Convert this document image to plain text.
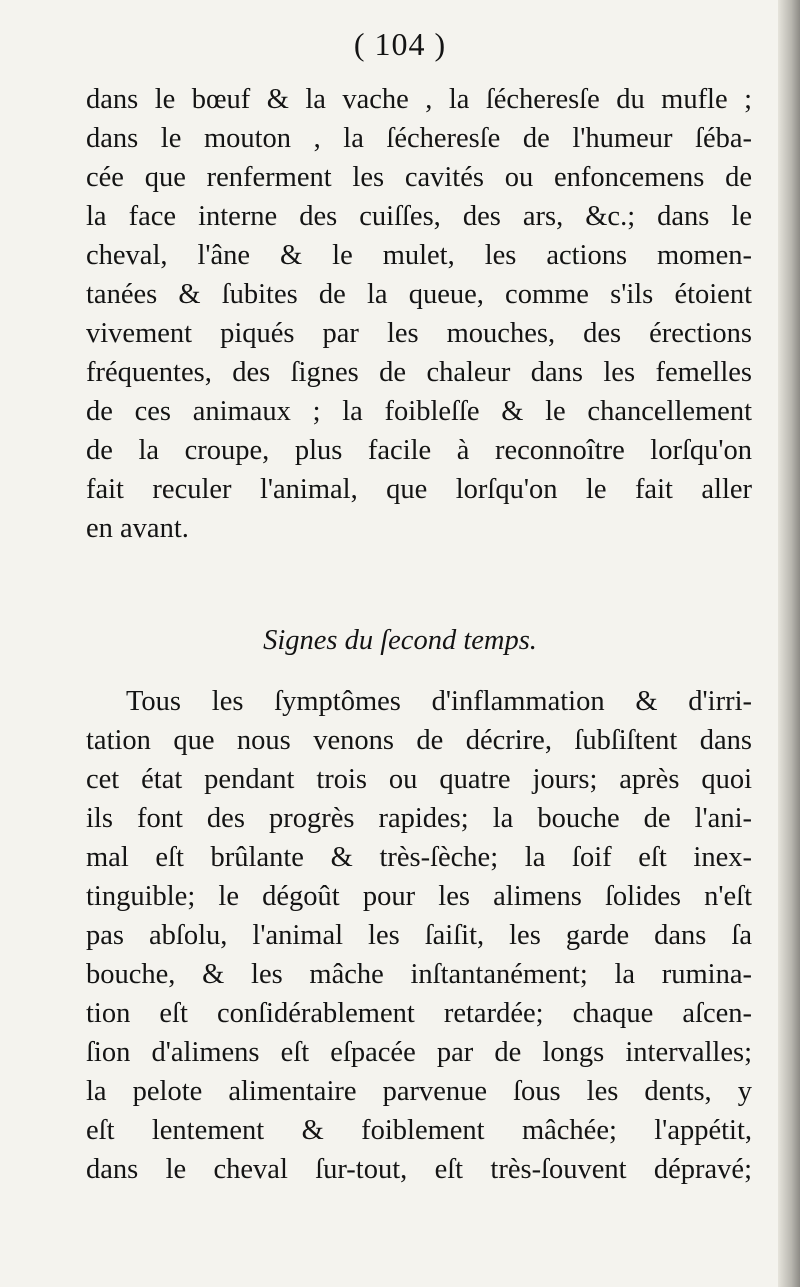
( 104 )
dans le bœuf & la vache , la ſécheresſe du mufle ;
dans le mouton , la ſécheresſe de l'humeur ſéba-
cée que renferment les cavités ou enfoncemens de
la face interne des cuiſſes, des ars, &c.; dans le
cheval, l'âne & le mulet, les actions momen-
tanées & ſubites de la queue, comme s'ils étoient
vivement piqués par les mouches, des érections
fréquentes, des ſignes de chaleur dans les femelles
de ces animaux ; la foibleſſe & le chancellement
de la croupe, plus facile à reconnoître lorſqu'on
fait reculer l'animal, que lorſqu'on le fait aller
en avant.
Signes du ſecond temps.
Tous les ſymptômes d'inflammation & d'irri-
tation que nous venons de décrire, ſubſiſtent dans
cet état pendant trois ou quatre jours; après quoi
ils font des progrès rapides; la bouche de l'ani-
mal eſt brûlante & très-ſèche; la ſoif eſt inex-
tinguible; le dégoût pour les alimens ſolides n'eſt
pas abſolu, l'animal les ſaiſit, les garde dans ſa
bouche, & les mâche inſtantanément; la rumina-
tion eſt conſidérablement retardée; chaque aſcen-
ſion d'alimens eſt eſpacée par de longs intervalles;
la pelote alimentaire parvenue ſous les dents, y
eſt lentement & foiblement mâchée; l'appétit,
dans le cheval ſur-tout, eſt très-ſouvent dépravé;
